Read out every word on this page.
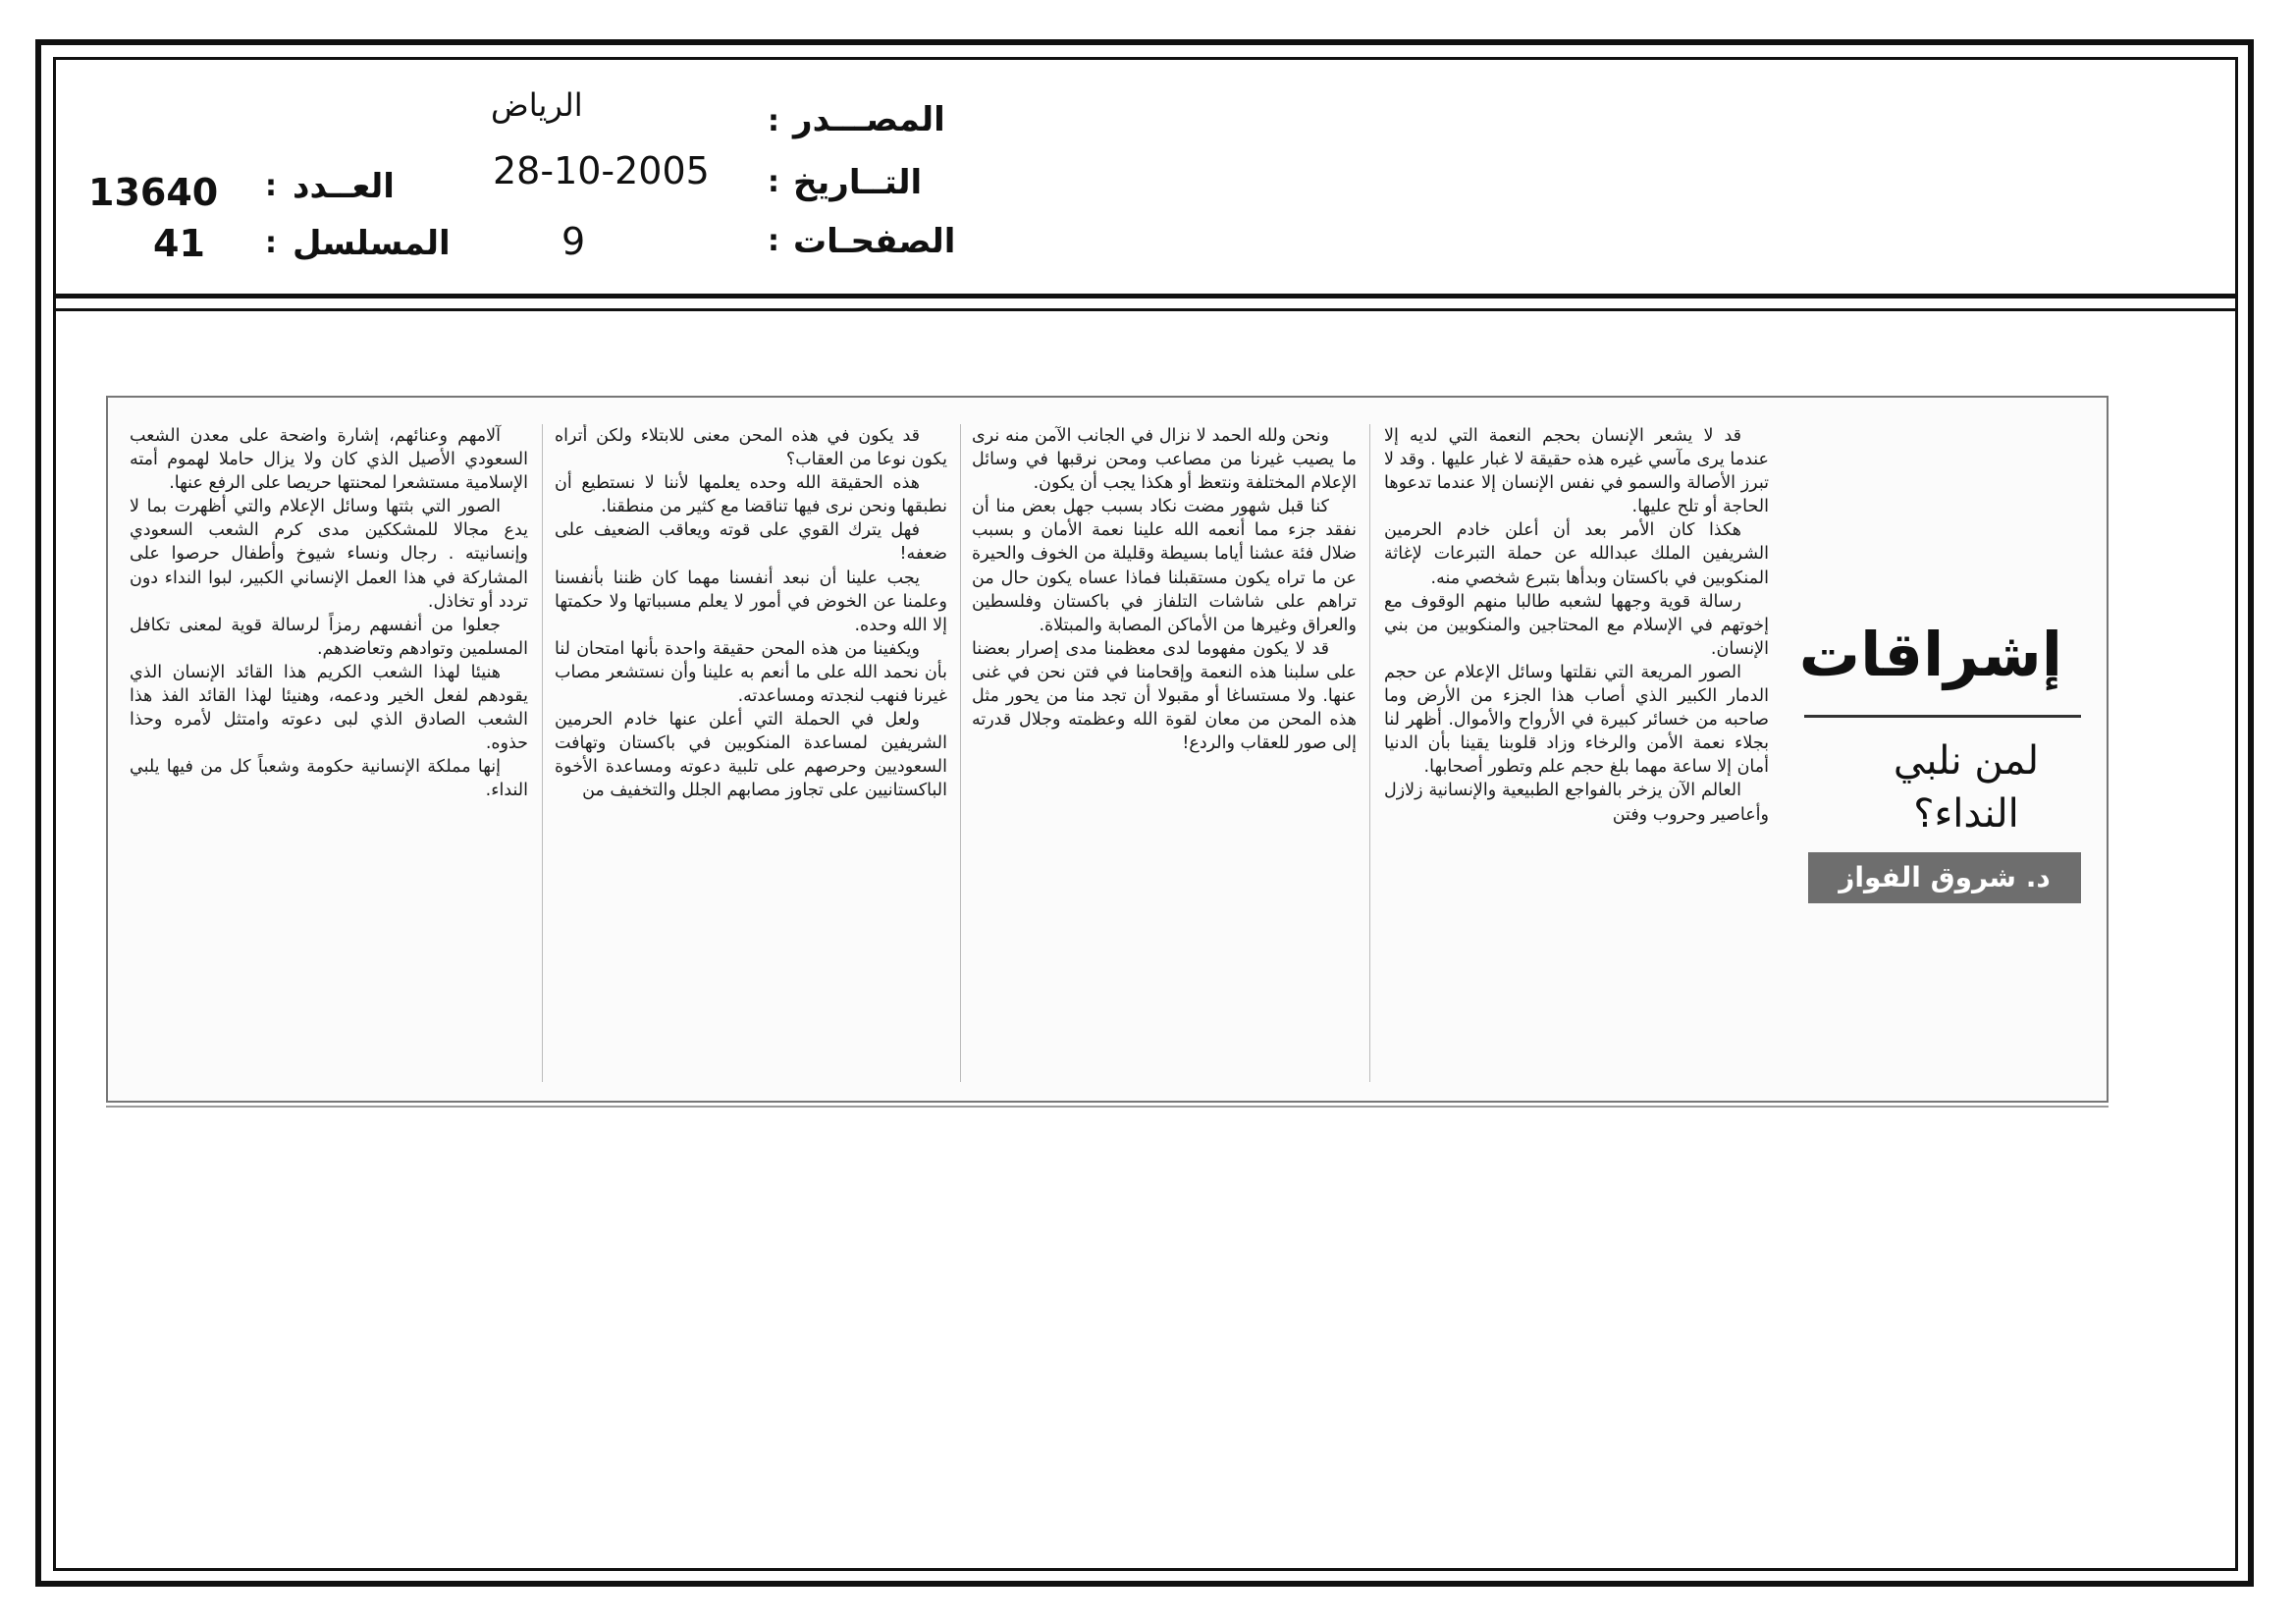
المصـــدر
:
الرياض
التــاريخ
:
28-10-2005
الصفحـات
:
9
العــدد
:
13640
المسلسل
:
41
إشراقات
لمن نلبي
النداء؟
د. شروق الفواز

قد لا يشعر الإنسان بحجم النعمة التي لديه إلا عندما يرى مآسي غيره هذه حقيقة لا غبار عليها . وقد لا تبرز الأصالة والسمو في نفس الإنسان إلا عندما تدعوها الحاجة أو تلح عليها.

هكذا كان الأمر بعد أن أعلن خادم الحرمين الشريفين الملك عبدالله عن حملة التبرعات لإغاثة المنكوبين في باكستان وبدأها بتبرع شخصي منه.

رسالة قوية وجهها لشعبه طالبا منهم الوقوف مع إخوتهم في الإسلام مع المحتاجين والمنكوبين من بني الإنسان.

الصور المريعة التي نقلتها وسائل الإعلام عن حجم الدمار الكبير الذي أصاب هذا الجزء من الأرض وما صاحبه من خسائر كبيرة في الأرواح والأموال. أظهر لنا بجلاء نعمة الأمن والرخاء وزاد قلوبنا يقينا بأن الدنيا أمان إلا ساعة مهما بلغ حجم علم وتطور أصحابها.

العالم الآن يزخر بالفواجع الطبيعية والإنسانية زلازل وأعاصير وحروب وفتن

ونحن ولله الحمد لا نزال في الجانب الآمن منه نرى ما يصيب غيرنا من مصاعب ومحن نرقبها في وسائل الإعلام المختلفة ونتعظ أو هكذا يجب أن يكون.

كنا قبل شهور مضت نكاد بسبب جهل بعض منا أن نفقد جزء مما أنعمه الله علينا نعمة الأمان و بسبب ضلال فئة عشنا أياما بسيطة وقليلة من الخوف والحيرة عن ما تراه يكون مستقبلنا فماذا عساه يكون حال من تراهم على شاشات التلفاز في باكستان وفلسطين والعراق وغيرها من الأماكن المصابة والمبتلاة.

قد لا يكون مفهوما لدى معظمنا مدى إصرار بعضنا على سلبنا هذه النعمة وإقحامنا في فتن نحن في غنى عنها. ولا مستساغا أو مقبولا أن تجد منا من يحور مثل هذه المحن من معان لقوة الله وعظمته وجلال قدرته إلى صور للعقاب والردع!

قد يكون في هذه المحن معنى للابتلاء ولكن أتراه يكون نوعا من العقاب؟

هذه الحقيقة الله وحده يعلمها لأننا لا نستطيع أن نطبقها ونحن نرى فيها تناقضا مع كثير من منطقنا.

فهل يترك القوي على قوته ويعاقب الضعيف على ضعفه!

يجب علينا أن نبعد أنفسنا مهما كان ظننا بأنفسنا وعلمنا عن الخوض في أمور لا يعلم مسبباتها ولا حكمتها إلا الله وحده.

ويكفينا من هذه المحن حقيقة واحدة بأنها امتحان لنا بأن نحمد الله على ما أنعم به علينا وأن نستشعر مصاب غيرنا فنهب لنجدته ومساعدته.

ولعل في الحملة التي أعلن عنها خادم الحرمين الشريفين لمساعدة المنكوبين في باكستان وتهافت السعوديين وحرصهم على تلبية دعوته ومساعدة الأخوة الباكستانيين على تجاوز مصابهم الجلل والتخفيف من

آلامهم وعنائهم، إشارة واضحة على معدن الشعب السعودي الأصيل الذي كان ولا يزال حاملا لهموم أمته الإسلامية مستشعرا لمحنتها حريصا على الرفع عنها.

الصور التي بثتها وسائل الإعلام والتي أظهرت بما لا يدع مجالا للمشككين مدى كرم الشعب السعودي وإنسانيته . رجال ونساء شيوخ وأطفال حرصوا على المشاركة في هذا العمل الإنساني الكبير، لبوا النداء دون تردد أو تخاذل.

جعلوا من أنفسهم رمزاً لرسالة قوية لمعنى تكافل المسلمين وتوادهم وتعاضدهم.

هنيئا لهذا الشعب الكريم هذا القائد الإنسان الذي يقودهم لفعل الخير ودعمه، وهنيئا لهذا القائد الفذ هذا الشعب الصادق الذي لبى دعوته وامتثل لأمره وحذا حذوه.

إنها مملكة الإنسانية حكومة وشعباً كل من فيها يلبي النداء.
